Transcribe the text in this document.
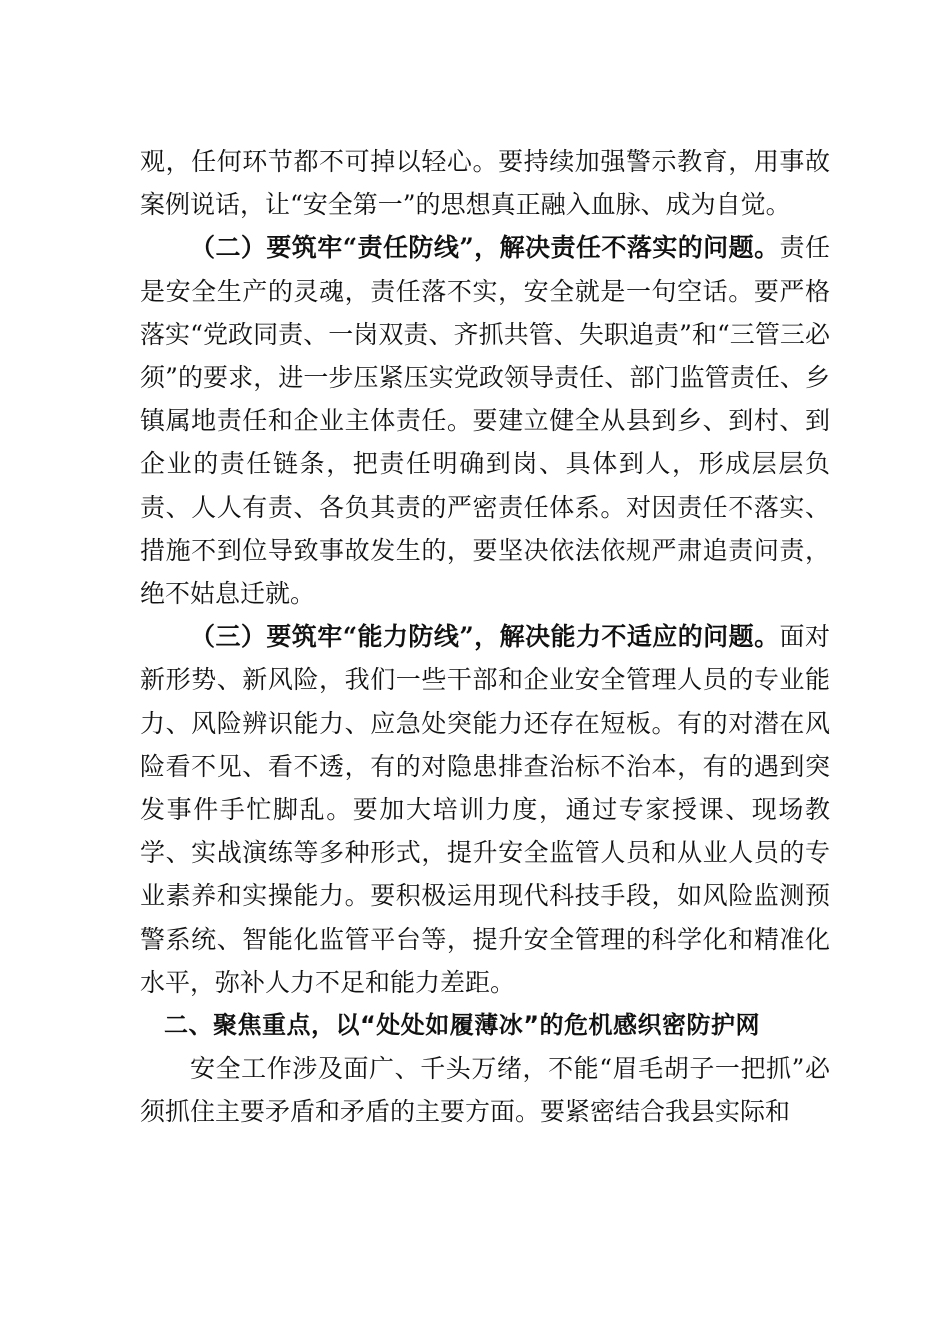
观，任何环节都不可掉以轻心。要持续加强警示教育，用事故案例说话，让“安全第一”的思想真正融入血脉、成为自觉。

（二）要筑牢“责任防线”，解决责任不落实的问题。责任是安全生产的灵魂，责任落不实，安全就是一句空话。要严格落实“党政同责、一岗双责、齐抓共管、失职追责”和“三管三必须”的要求，进一步压紧压实党政领导责任、部门监管责任、乡镇属地责任和企业主体责任。要建立健全从县到乡、到村、到企业的责任链条，把责任明确到岗、具体到人，形成层层负责、人人有责、各负其责的严密责任体系。对因责任不落实、措施不到位导致事故发生的，要坚决依法依规严肃追责问责，绝不姑息迁就。

（三）要筑牢“能力防线”，解决能力不适应的问题。面对新形势、新风险，我们一些干部和企业安全管理人员的专业能力、风险辨识能力、应急处突能力还存在短板。有的对潜在风险看不见、看不透，有的对隐患排查治标不治本，有的遇到突发事件手忙脚乱。要加大培训力度，通过专家授课、现场教学、实战演练等多种形式，提升安全监管人员和从业人员的专业素养和实操能力。要积极运用现代科技手段，如风险监测预警系统、智能化监管平台等，提升安全管理的科学化和精准化水平，弥补人力不足和能力差距。

二、聚焦重点，以“处处如履薄冰”的危机感织密防护网

安全工作涉及面广、千头万绪，不能“眉毛胡子一把抓”必须抓住主要矛盾和矛盾的主要方面。要紧密结合我县实际和
